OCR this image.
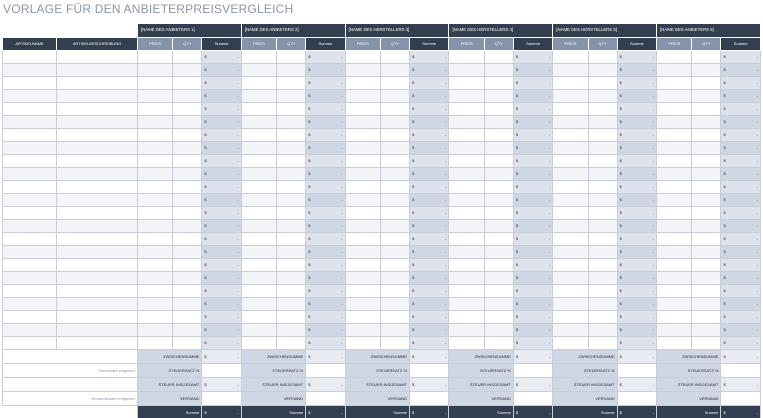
VORLAGE FÜR DEN ANBIETERPREISVERGLEICH
		[NAME DES ANBIETERS 1]			[NAME DES ANBIETERS 2]			[NAME DES HERSTELLERS 3]			[NAME DES HERSTELLERS 4]			[NAME DES HERSTELLERS 5]			[NAME DES ANBIETERS 6]		
ARTIKELNAME	ARTIKELBESCHREIBUNG	PREIS	QTY	Summe	PREIS	QTY	Summe	PREIS	QTY	Summe	PREIS	QTY	Summe	PREIS	QTY	Summe	PREIS	QTY	Summe

				$ -			$ -			$ -			$ -			$ -			$ -

				$ -			$ -			$ -			$ -			$ -			$ -

				$ -			$ -			$ -			$ -			$ -			$ -

				$ -			$ -			$ -			$ -			$ -			$ -

				$ -			$ -			$ -			$ -			$ -			$ -

				$ -			$ -			$ -			$ -			$ -			$ -

				$ -			$ -			$ -			$ -			$ -			$ -

				$ -			$ -			$ -			$ -			$ -			$ -

				$ -			$ -			$ -			$ -			$ -			$ -

				$ -			$ -			$ -			$ -			$ -			$ -

				$ -			$ -			$ -			$ -			$ -			$ -

				$ -			$ -			$ -			$ -			$ -			$ -

				$ -			$ -			$ -			$ -			$ -			$ -

				$ -			$ -			$ -			$ -			$ -			$ -

				$ -			$ -			$ -			$ -			$ -			$ -

				$ -			$ -			$ -			$ -			$ -			$ -

				$ -			$ -			$ -			$ -			$ -			$ -

				$ -			$ -			$ -			$ -			$ -			$ -

				$ -			$ -			$ -			$ -			$ -			$ -

				$ -			$ -			$ -			$ -			$ -			$ -

				$ -			$ -			$ -			$ -			$ -			$ -

				$ -			$ -			$ -			$ -			$ -			$ -

				$ -			$ -			$ -			$ -			$ -			$ -

		ZWISCHENSUMME		$ -	ZWISCHENSUMME		$ -	ZWISCHENSUMME		$ -	ZWISCHENSUMME		$ -	ZWISCHENSUMME		$ -	ZWISCHENSUMME		$ -

Steuersatz eingeben		STEUERSATZ %			STEUERSATZ %			STEUERSATZ %			STEUERSATZ %			STEUERSATZ %			STEUERSATZ %		
		STEUER INSGESAMT		$ -	STEUER INSGESAMT		$ -	STEUER INSGESAMT		$ -	STEUER INSGESAMT		$ -	STEUER INSGESAMT		$ -	STEUER INSGESAMT		$ -

Versandkosten eingeben		VERSAND			VERSAND			VERSAND			VERSAND			VERSAND			VERSAND		
		Summe		$ -	Summe		$ -	Summe		$ -	Summe		$ -	Summe		$ -	Summe		$ -
